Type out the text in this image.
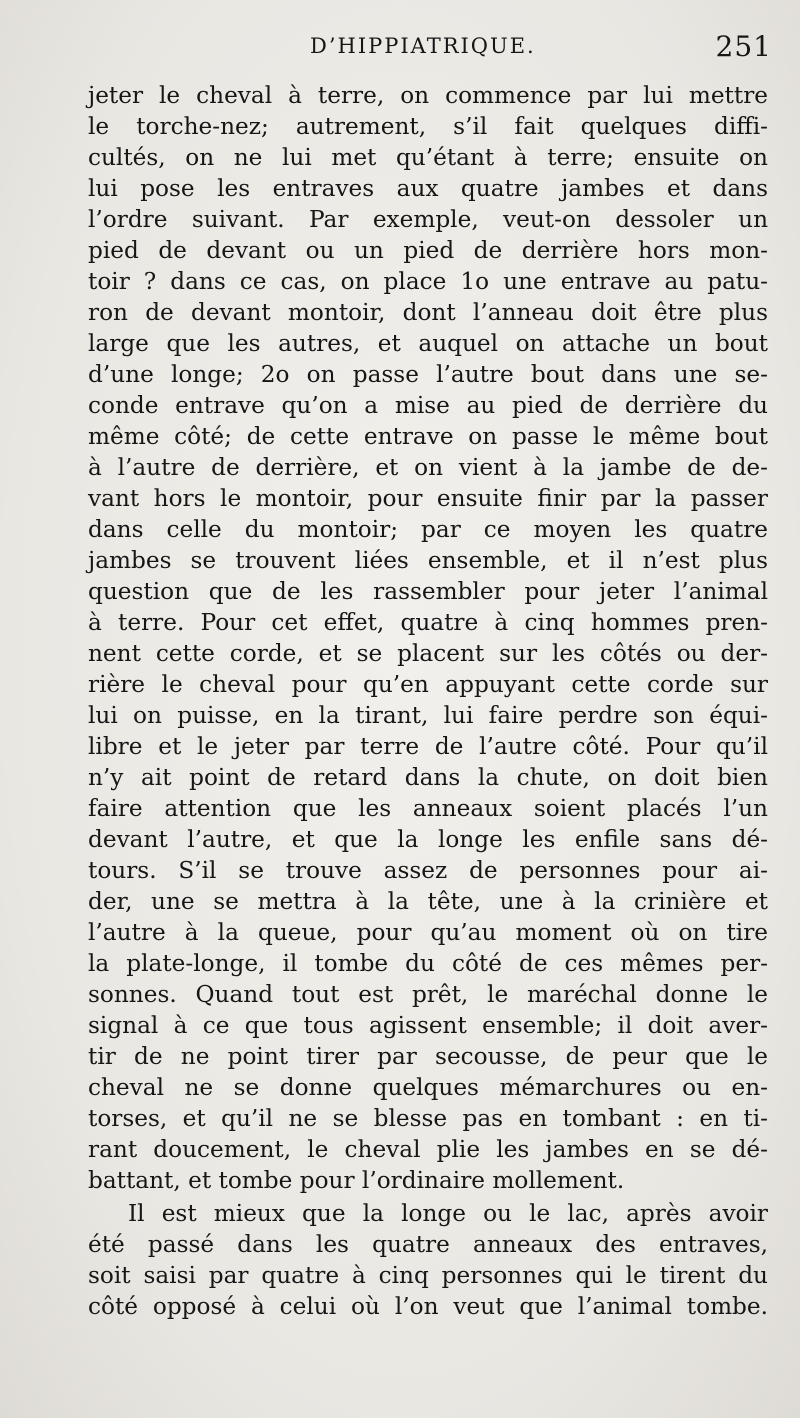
D’HIPPIATRIQUE.	251
jeter le cheval à terre, on commence par lui mettre
le torche-nez; autrement, s’il fait quelques diffi-
cultés, on ne lui met qu’étant à terre; ensuite on
lui pose les entraves aux quatre jambes et dans
l’ordre suivant. Par exemple, veut-on dessoler un
pied de devant ou un pied de derrière hors mon-
toir ? dans ce cas, on place 1o une entrave au patu-
ron de devant montoir, dont l’anneau doit être plus
large que les autres, et auquel on attache un bout
d’une longe; 2o on passe l’autre bout dans une se-
conde entrave qu’on a mise au pied de derrière du
même côté; de cette entrave on passe le même bout
à l’autre de derrière, et on vient à la jambe de de-
vant hors le montoir, pour ensuite finir par la passer
dans celle du montoir; par ce moyen les quatre
jambes se trouvent liées ensemble, et il n’est plus
question que de les rassembler pour jeter l’animal
à terre. Pour cet effet, quatre à cinq hommes pren-
nent cette corde, et se placent sur les côtés ou der-
rière le cheval pour qu’en appuyant cette corde sur
lui on puisse, en la tirant, lui faire perdre son équi-
libre et le jeter par terre de l’autre côté. Pour qu’il
n’y ait point de retard dans la chute, on doit bien
faire attention que les anneaux soient placés l’un
devant l’autre, et que la longe les enfile sans dé-
tours. S’il se trouve assez de personnes pour ai-
der, une se mettra à la tête, une à la crinière et
l’autre à la queue, pour qu’au moment où on tire
la plate-longe, il tombe du côté de ces mêmes per-
sonnes. Quand tout est prêt, le maréchal donne le
signal à ce que tous agissent ensemble; il doit aver-
tir de ne point tirer par secousse, de peur que le
cheval ne se donne quelques mémarchures ou en-
torses, et qu’il ne se blesse pas en tombant : en ti-
rant doucement, le cheval plie les jambes en se dé-
battant, et tombe pour l’ordinaire mollement.
Il est mieux que la longe ou le lac, après avoir
été passé dans les quatre anneaux des entraves,
soit saisi par quatre à cinq personnes qui le tirent du
côté opposé à celui où l’on veut que l’animal tombe.
